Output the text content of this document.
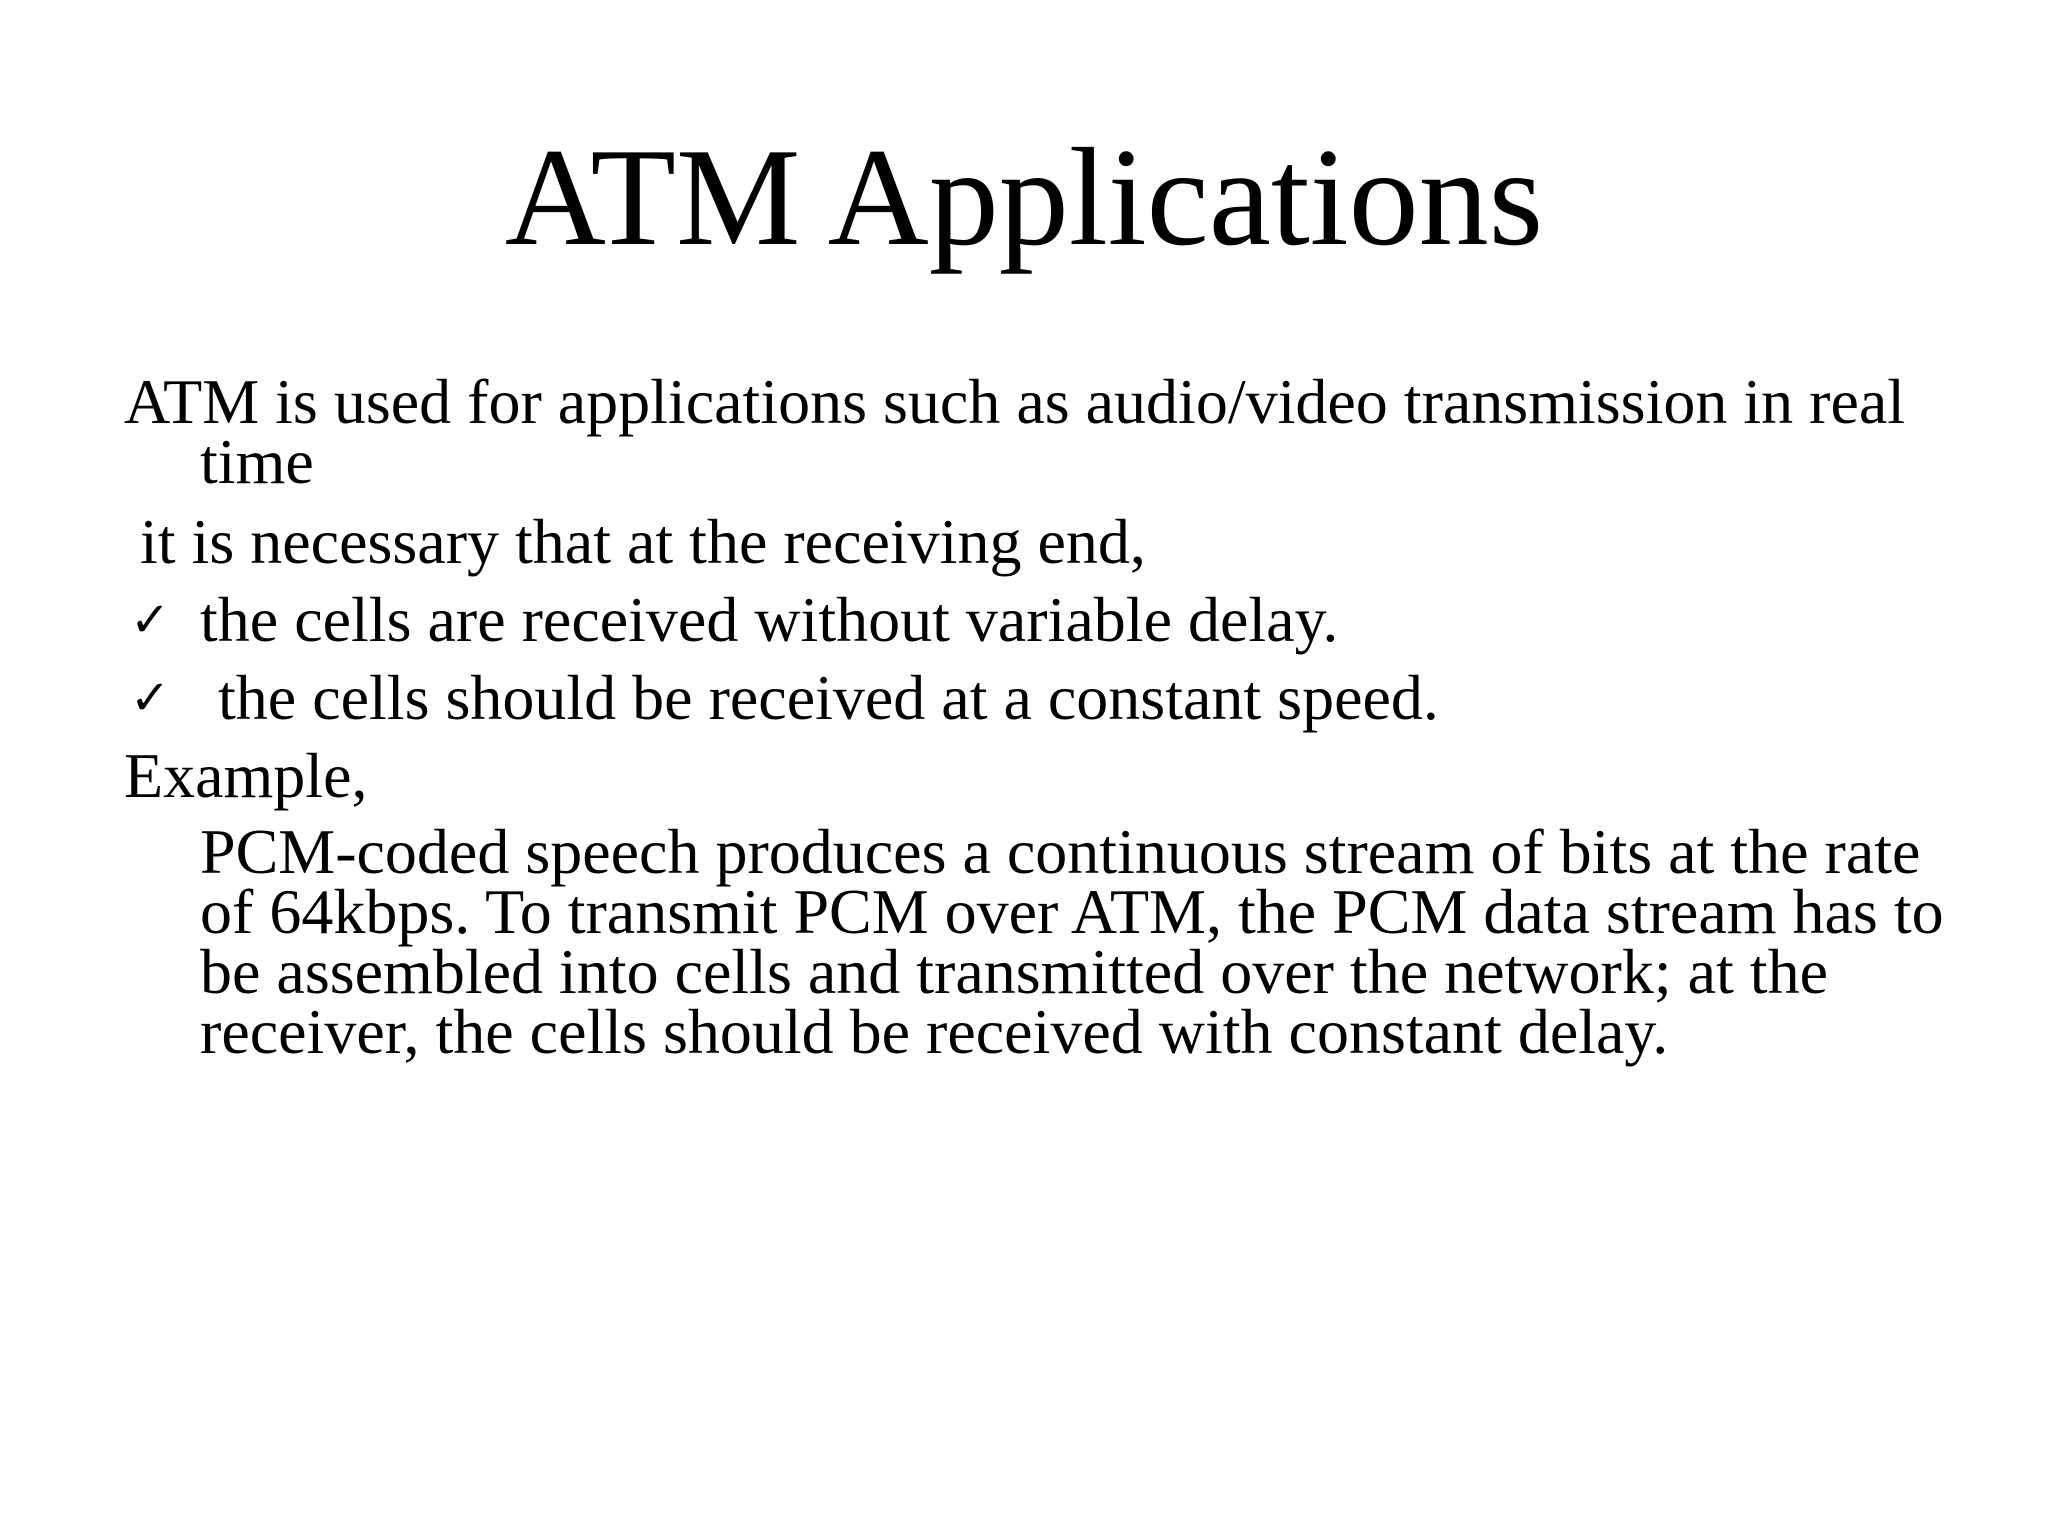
ATM Applications

ATM is used for applications such as audio/video transmission in real time

it is necessary that at the receiving end,

✓ the cells are received without variable delay.
✓ the cells should be received at a constant speed.

Example,

PCM-coded speech produces a continuous stream of bits at the rate of 64kbps. To transmit PCM over ATM, the PCM data stream has to be assembled into cells and transmitted over the network; at the receiver, the cells should be received with constant delay.
